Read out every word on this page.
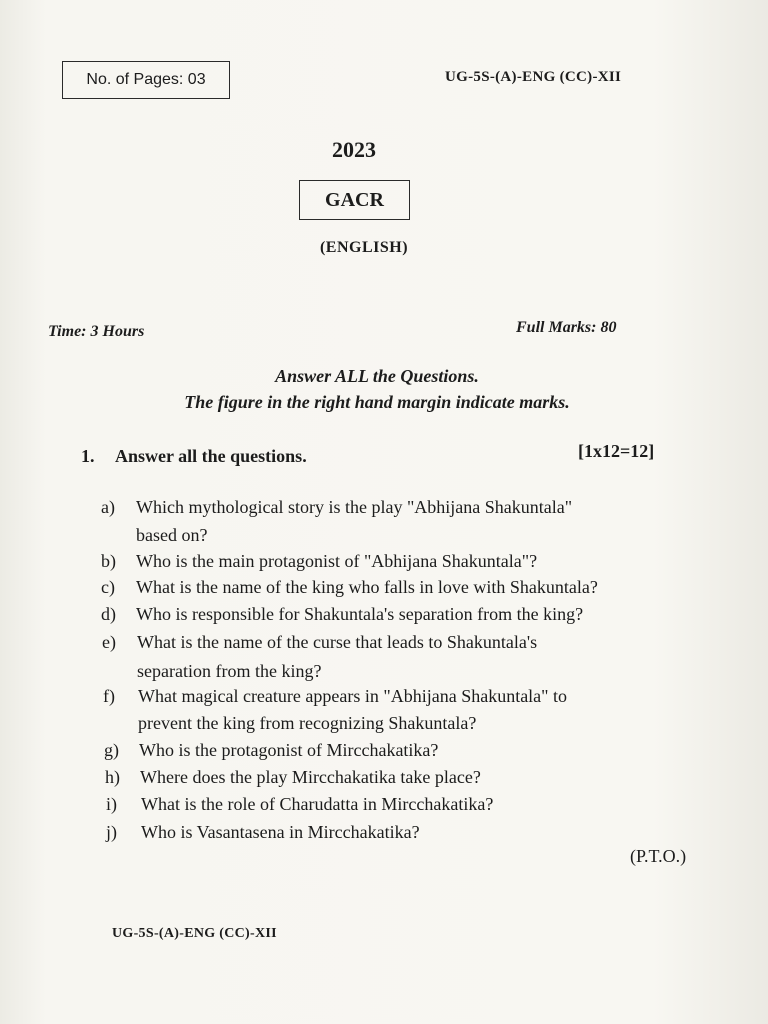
No. of Pages: 03	UG-5S-(A)-ENG (CC)-XII
2023
GACR
(ENGLISH)
Time: 3 Hours	Full Marks: 80
Answer ALL the Questions.
The figure in the right hand margin indicate marks.
1. Answer all the questions.	[1x12=12]
a)	Which mythological story is the play "Abhijana Shakuntala"
based on?
b)	Who is the main protagonist of "Abhijana Shakuntala"?
c)	What is the name of the king who falls in love with Shakuntala?
d)	Who is responsible for Shakuntala's separation from the king?
e)	What is the name of the curse that leads to Shakuntala's
separation from the king?
f)	What magical creature appears in "Abhijana Shakuntala" to
prevent the king from recognizing Shakuntala?
g)	Who is the protagonist of Mircchakatika?
h)	Where does the play Mircchakatika take place?
i)	What is the role of Charudatta in Mircchakatika?
j)	Who is Vasantasena in Mircchakatika?
(P.T.O.)
UG-5S-(A)-ENG (CC)-XII
